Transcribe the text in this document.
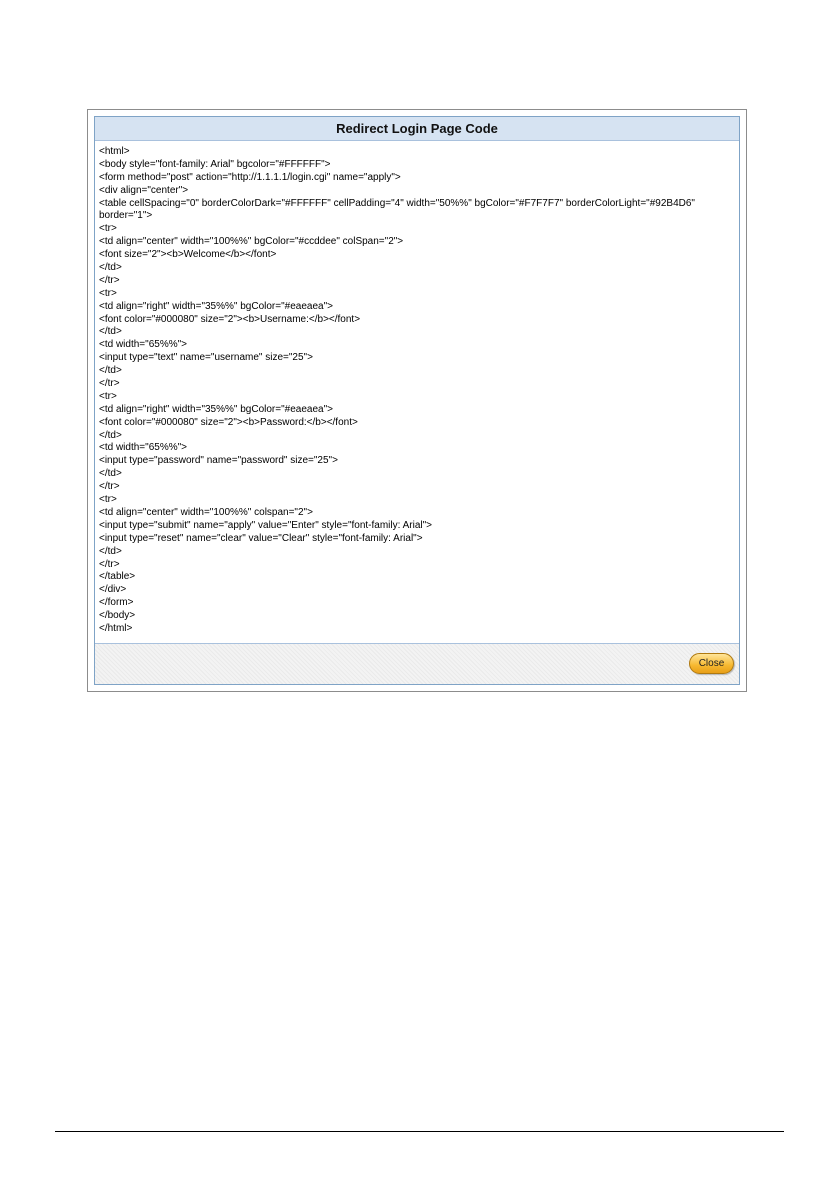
Redirect Login Page Code
<html>
<body style="font-family: Arial" bgcolor="#FFFFFF">
<form method="post" action="http://1.1.1.1/login.cgi" name="apply">
<div align="center">
<table cellSpacing="0" borderColorDark="#FFFFFF" cellPadding="4" width="50%%" bgColor="#F7F7F7" borderColorLight="#92B4D6"
border="1">
<tr>
<td align="center" width="100%%" bgColor="#ccddee" colSpan="2">
<font size="2"><b>Welcome</b></font>
</td>
</tr>
<tr>
<td align="right" width="35%%" bgColor="#eaeaea">
<font color="#000080" size="2"><b>Username:</b></font>
</td>
<td width="65%%">
<input type="text" name="username" size="25">
</td>
</tr>
<tr>
<td align="right" width="35%%" bgColor="#eaeaea">
<font color="#000080" size="2"><b>Password:</b></font>
</td>
<td width="65%%">
<input type="password" name="password" size="25">
</td>
</tr>
<tr>
<td align="center" width="100%%" colspan="2">
<input type="submit" name="apply" value="Enter" style="font-family: Arial">
<input type="reset" name="clear" value="Clear" style="font-family: Arial">
</td>
</tr>
</table>
</div>
</form>
</body>
</html>
Close
